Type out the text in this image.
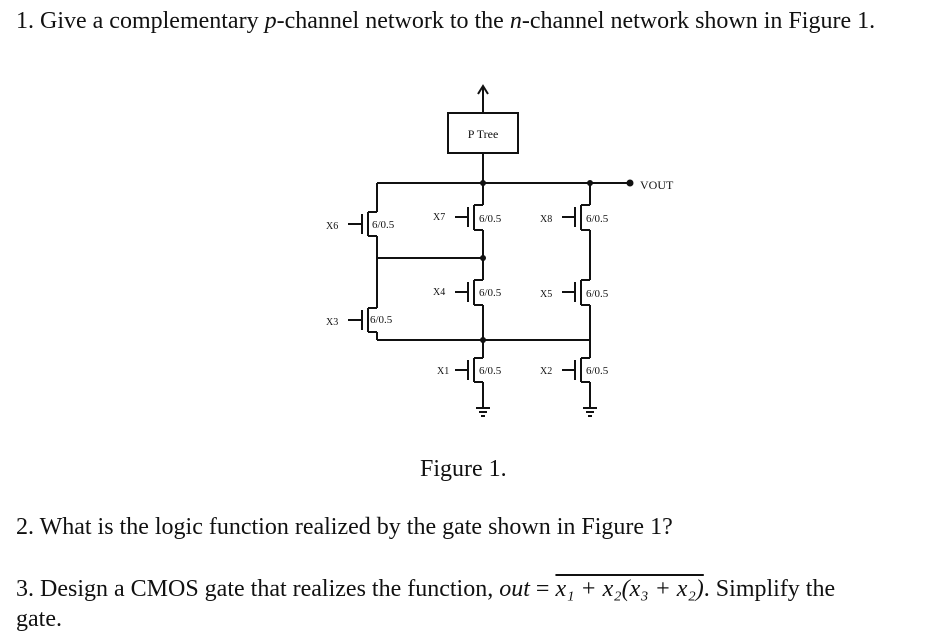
1. Give a complementary p-channel network to the n-channel network shown in Figure 1.
P Tree
VOUT
X6	6/0.5
X3	6/0.5
X7	6/0.5	X8	6/0.5
X4	6/0.5	X5	6/0.5
X1	6/0.5	X2	6/0.5
Figure 1.
2. What is the logic function realized by the gate shown in Figure 1?
3. Design a CMOS gate that realizes the function, out = x₁ + x₂(x₃ + x₂). Simplify the
gate.
